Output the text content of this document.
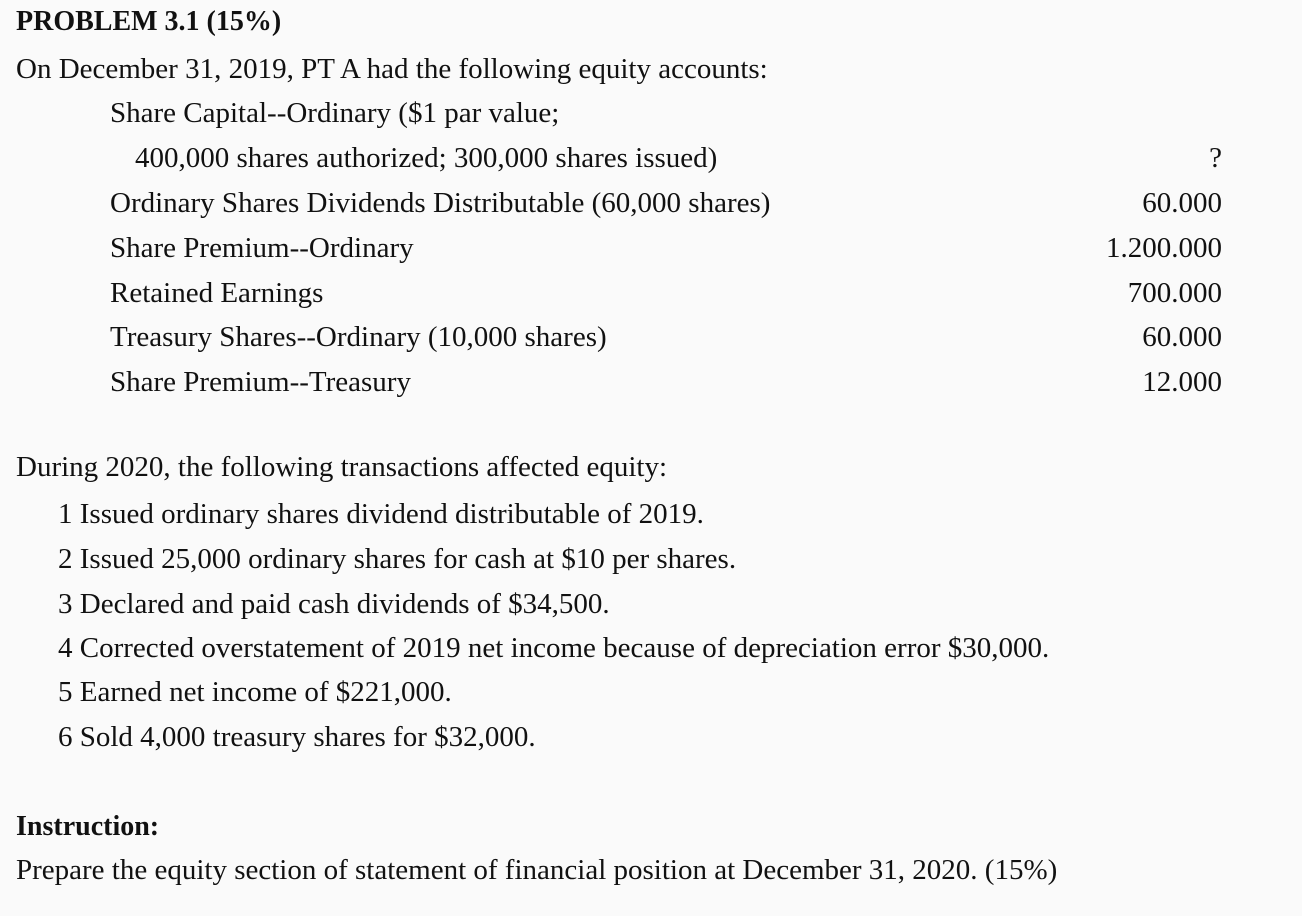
PROBLEM 3.1 (15%)
On December 31, 2019, PT A had the following equity accounts:
Share Capital--Ordinary ($1 par value;
400,000 shares authorized; 300,000 shares issued)	?
Ordinary Shares Dividends Distributable (60,000 shares)	60.000
Share Premium--Ordinary	1.200.000
Retained Earnings	700.000
Treasury Shares--Ordinary (10,000 shares)	60.000
Share Premium--Treasury	12.000
During 2020, the following transactions affected equity:
1 Issued ordinary shares dividend distributable of 2019.
2 Issued 25,000 ordinary shares for cash at $10 per shares.
3 Declared and paid cash dividends of $34,500.
4 Corrected overstatement of 2019 net income because of depreciation error $30,000.
5 Earned net income of $221,000.
6 Sold 4,000 treasury shares for $32,000.
Instruction:
Prepare the equity section of statement of financial position at December 31, 2020. (15%)
